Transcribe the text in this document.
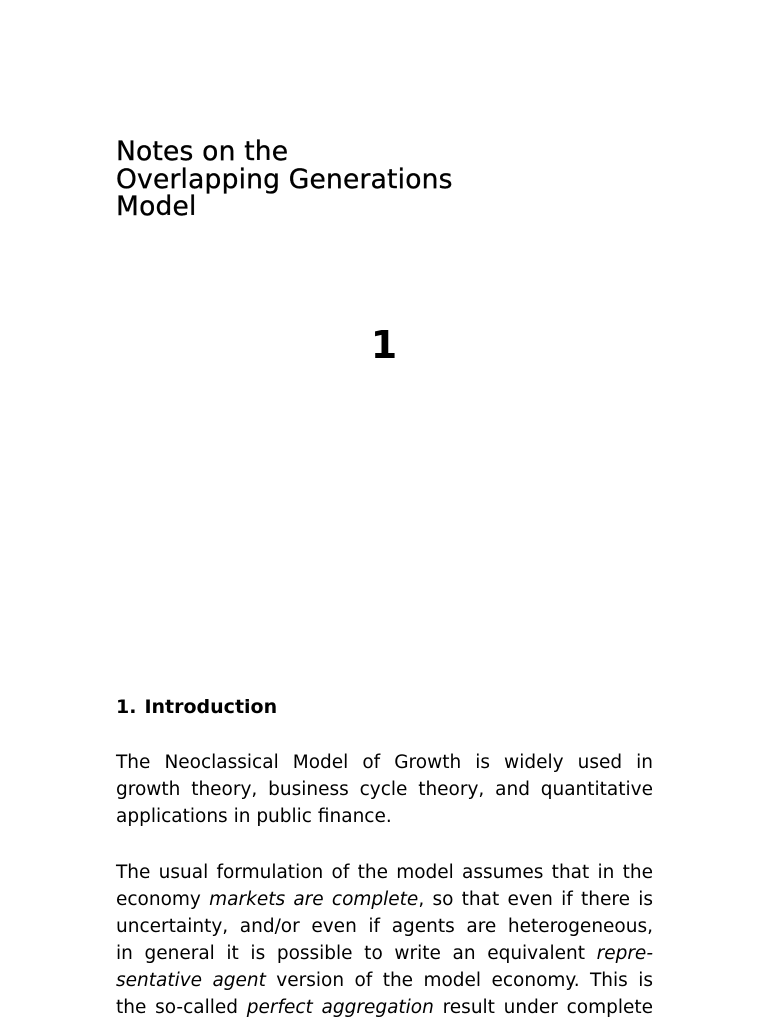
Notes on the
Overlapping Generations
Model
1
1. Introduction
The Neoclassical Model of Growth is widely used in
growth theory, business cycle theory, and quantitative
applications in public finance.
The usual formulation of the model assumes that in the
economy markets are complete, so that even if there is
uncertainty, and/or even if agents are heterogeneous,
in general it is possible to write an equivalent repre-
sentative agent version of the model economy. This is
the so-called perfect aggregation result under complete
